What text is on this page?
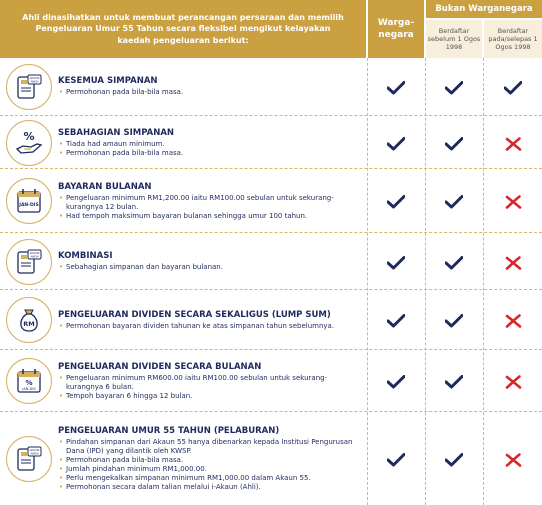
Ahli dinasihatkan untuk membuat perancangan persaraan dan memilih Pengeluaran Umur 55 Tahun secara fleksibel mengikut kelayakan kaedah pengeluaran berikut:
Warga-negara
Bukan Warganegara
Berdaftar sebelum 1 Ogos 1998
Berdaftar pada/selepas 1 Ogos 1998
AKAUN
ANDA KESEMUA SIMPANAN
• Permohonan pada bila-bila masa.
%	SEBAHAGIAN SIMPANAN
• Tiada had amaun minimum.
• Permohonan pada bila-bila masa.
JAN-DIS
BAYARAN BULANAN
• Pengeluaran minimum RM1,200.00 iaitu RM100.00 sebulan untuk sekurang-kurangnya 12 bulan.
• Had tempoh maksimum bayaran bulanan sehingga umur 100 tahun.
AKAUN
ANDA KOMBINASI
• Sebahagian simpanan dan bayaran bulanan.
RM
PENGELUARAN DIVIDEN SECARA SEKALIGUS (LUMP SUM)
• Permohonan bayaran dividen tahunan ke atas simpanan tahun sebelumnya.
%
JAN-DIS
PENGELUARAN DIVIDEN SECARA BULANAN
• Pengeluaran minimum RM600.00 iaitu RM100.00 sebulan untuk sekurang-kurangnya 6 bulan.
• Tempoh bayaran 6 hingga 12 bulan.
AKAUN
ANDA
PENGELUARAN UMUR 55 TAHUN (PELABURAN)
• Pindahan simpanan dari Akaun 55 hanya dibenarkan kepada Institusi Pengurusan Dana (IPD) yang dilantik oleh KWSP.
• Permohonan pada bila-bila masa.
• Jumlah pindahan minimum RM1,000.00.
• Perlu mengekalkan simpanan minimum RM1,000.00 dalam Akaun 55.
• Permohonan secara dalam talian melalui i-Akaun (Ahli).
